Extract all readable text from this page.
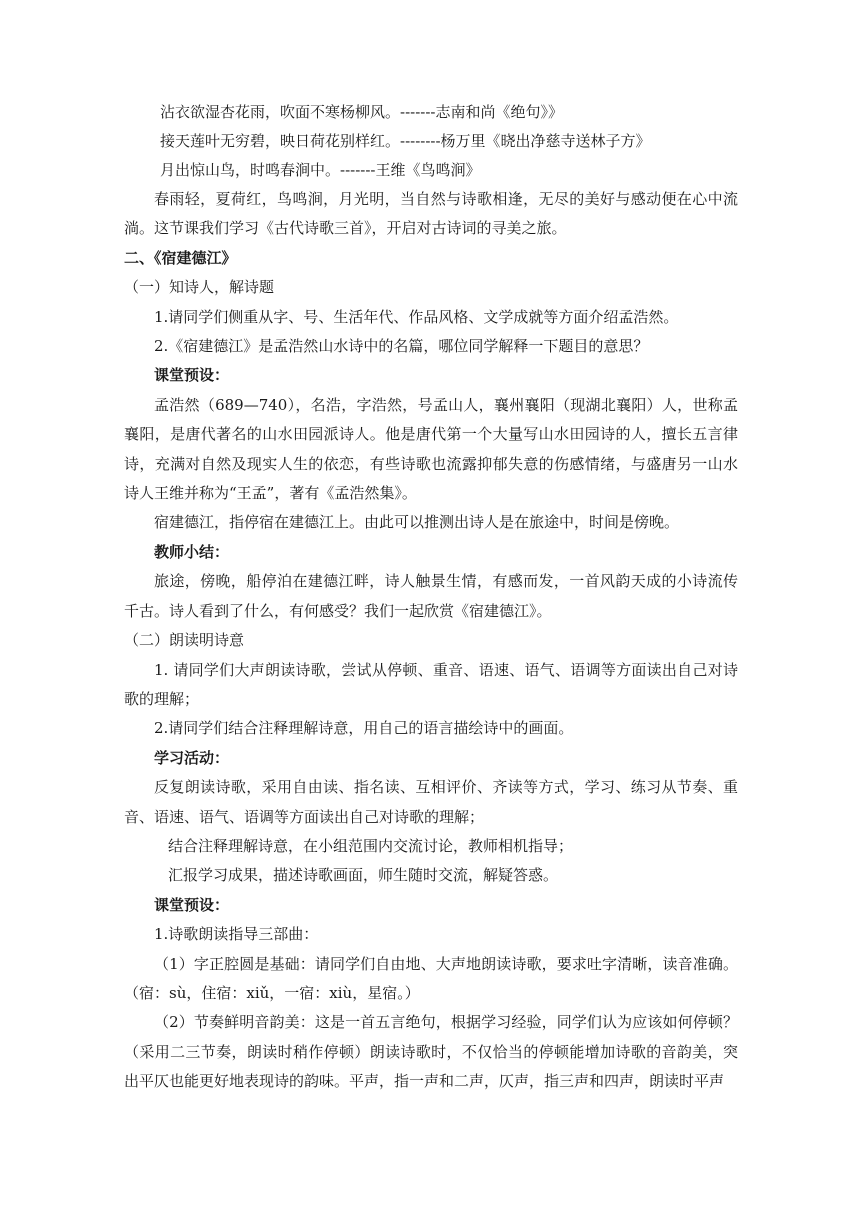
沾衣欲湿杏花雨，吹面不寒杨柳风。-------志南和尚《绝句》》
接天莲叶无穷碧，映日荷花别样红。--------杨万里《晓出净慈寺送林子方》
月出惊山鸟，时鸣春涧中。-------王维《鸟鸣涧》
春雨轻，夏荷红，鸟鸣涧，月光明，当自然与诗歌相逢，无尽的美好与感动便在心中流淌。这节课我们学习《古代诗歌三首》，开启对古诗词的寻美之旅。
二、《宿建德江》
（一）知诗人，解诗题
1.请同学们侧重从字、号、生活年代、作品风格、文学成就等方面介绍孟浩然。
2.《宿建德江》是孟浩然山水诗中的名篇，哪位同学解释一下题目的意思？
课堂预设：
孟浩然（689—740），名浩，字浩然，号孟山人，襄州襄阳（现湖北襄阳）人，世称孟襄阳，是唐代著名的山水田园派诗人。他是唐代第一个大量写山水田园诗的人，擅长五言律诗，充满对自然及现实人生的依恋，有些诗歌也流露抑郁失意的伤感情绪，与盛唐另一山水诗人王维并称为“王孟”，著有《孟浩然集》。
宿建德江，指停宿在建德江上。由此可以推测出诗人是在旅途中，时间是傍晚。
教师小结：
旅途，傍晚，船停泊在建德江畔，诗人触景生情，有感而发，一首风韵天成的小诗流传千古。诗人看到了什么，有何感受？我们一起欣赏《宿建德江》。
（二）朗读明诗意
1. 请同学们大声朗读诗歌，尝试从停顿、重音、语速、语气、语调等方面读出自己对诗歌的理解；
2.请同学们结合注释理解诗意，用自己的语言描绘诗中的画面。
学习活动：
反复朗读诗歌，采用自由读、指名读、互相评价、齐读等方式，学习、练习从节奏、重音、语速、语气、语调等方面读出自己对诗歌的理解；
结合注释理解诗意，在小组范围内交流讨论，教师相机指导；
汇报学习成果，描述诗歌画面，师生随时交流，解疑答惑。
课堂预设：
1.诗歌朗读指导三部曲：
（1）字正腔圆是基础：请同学们自由地、大声地朗读诗歌，要求吐字清晰，读音准确。（宿：sù，住宿：xiǔ，一宿：xiù，星宿。）
（2）节奏鲜明音韵美：这是一首五言绝句，根据学习经验，同学们认为应该如何停顿？（采用二三节奏，朗读时稍作停顿）朗读诗歌时，不仅恰当的停顿能增加诗歌的音韵美，突出平仄也能更好地表现诗的韵味。平声，指一声和二声，仄声，指三声和四声，朗读时平声
